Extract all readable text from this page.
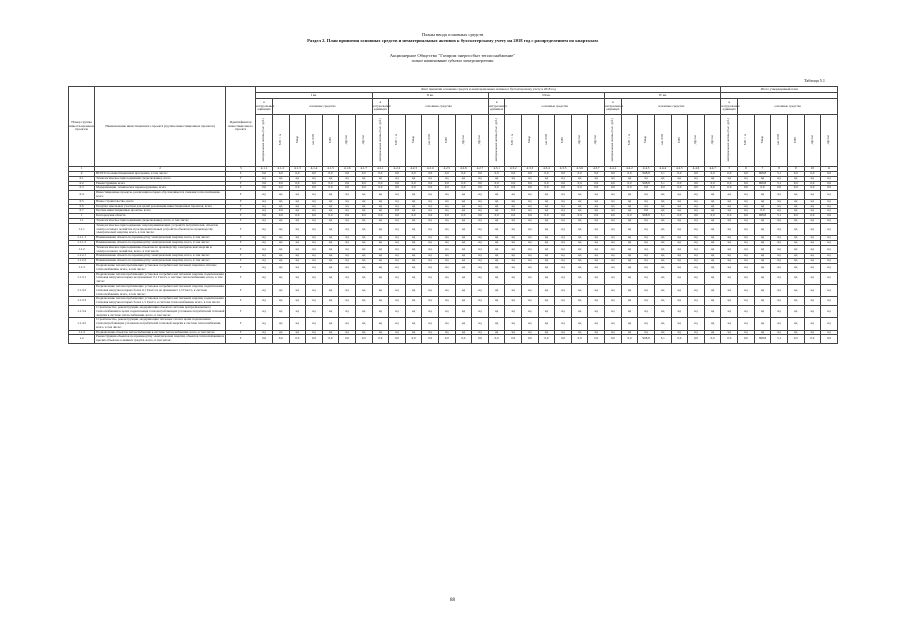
Планы ввода основных средств
Раздел 2. План принятия основных средств и нематериальных активов к бухгалтерскому учету на 2018 год с распределением по кварталам
Акционерное Общество "Газпром энергосбыт теплоснабжение"
полное наименование субъекта электроэнергетики
Таблица 5.1
Номер группы инвести-ционных проектов	Наименование инвестиционного проекта (группы инвестиционных проектов)	Идентификатор инвестиционного проекта	Факт принятия основных средств и нематериальных активов к бухгалтерскому учету в 2018 год																												Итого утвержденный план						
			I кв.							II кв.							III кв.							IV кв.													
			в натуральных единицах	основные средства						в натуральных единицах	основные средства						в натуральных единицах	основные средства						в натуральных единицах	основные средства						в натуральных единицах	основные средства					
			материальные активы (тыс. руб.)	МВ×А	Мвар	км ЛЭП	МВт	Другое	Другое	материальные активы (тыс. руб.)	МВ×А	Мвар	км ЛЭП	МВт	Другое	Другое	материальные активы (тыс. руб.)	МВ×А	Мвар	км ЛЭП	МВт	Другое	Другое	материальные активы (тыс. руб.)	МВ×А	Мвар	км ЛЭП	МВт	Другое	Другое	материальные активы (тыс. руб.)	МВ×А	Мвар	км ЛЭП	МВт	Другое	Другое
1	2	3	4.1.1	4.1.2	4.1.3	4.1.4	4.1.5	4.1.6	4.1.7	4.2.1	4.2.2	4.2.3	4.2.4	4.2.5	4.2.6	4.2.7	4.3.1	4.3.2	4.3.3	4.3.4	4.3.5	4.3.6	4.3.7	4.4.1	4.4.2	4.4.3	4.4.4	4.4.5	4.4.6	4.4.7	5	6	7	8	9	10	11
0	ВСЕГО по инвестиционной программе, в том числе:	Г	0,0	0,0	0,0	0,0	0,0	0,0	0,0	0,0	0,0	0,0	0,0	0,0	0,0	0,0	0,0	0,0	0,0	0,0	0,0	0,0	0,0	0,0	0,0	968,8	5,1	0,0	0,0	0,0	0,0	0,0	968,8	5,1	0,0	0,0	0,0
0.1	Технологическое присоединение (подключение), всего	Г	нд	нд	нд	нд	нд	нд	нд	нд	нд	нд	нд	нд	нд	нд	нд	нд	нд	нд	нд	нд	нд	нд	нд	нд	нд	нд	нд	нд	нд	нд	нд	нд	нд	нд	нд
0.2	Реконструкция, всего	Г	0,0	0,0	0,0	0,0	0,0	0,0	0,0	0,0	0,0	0,0	0,0	0,0	0,0	0,0	0,0	0,0	0,0	0,0	0,0	0,0	0,0	0,0	0,0	968,8	5,1	0,0	0,0	0,0	0,0	0,0	968,8	5,1	0,0	0,0	0,0
0.3	Модернизация, техническое перевооружение, всего	Г	0,0	0,0	0,0	0,0	0,0	0,0	0,0	0,0	0,0	0,0	0,0	0,0	0,0	0,0	0,0	0,0	0,0	0,0	0,0	0,0	0,0	0,0	0,0	0,0	0,0	0,0	0,0	0,0	0,0	0,0	0,0	0,0	0,0	0,0	0,0
0.4	Инвестиционные проекты, реализация которых обуславливается схемами теплоснабжения, всего	Г	нд	нд	нд	нд	нд	нд	нд	нд	нд	нд	нд	нд	нд	нд	нд	нд	нд	нд	нд	нд	нд	нд	нд	нд	нд	нд	нд	нд	нд	нд	нд	нд	нд	нд	нд
0.5	Новое строительство, всего	Г	нд	нд	нд	нд	нд	нд	нд	нд	нд	нд	нд	нд	нд	нд	нд	нд	нд	нд	нд	нд	нд	нд	нд	нд	нд	нд	нд	нд	нд	нд	нд	нд	нд	нд	нд
0.6	Покупка земельных участков для целей реализации инвестиционных проектов, всего	Г	нд	нд	нд	нд	нд	нд	нд	нд	нд	нд	нд	нд	нд	нд	нд	нд	нд	нд	нд	нд	нд	нд	нд	нд	нд	нд	нд	нд	нд	нд	нд	нд	нд	нд	нд
0.7	Прочие инвестиционные проекты, всего	Г	нд	0,0	нд	нд	нд	нд	нд	нд	0,0	нд	нд	нд	нд	нд	нд	0,0	нд	нд	нд	нд	нд	нд	нд	0,0	нд	нд	нд	нд	нд	нд	0,0	нд	нд	нд	нд
1	Белгородская область	Г	0,0	0,0	0,0	0,0	0,0	0,0	0,0	0,0	0,0	0,0	0,0	0,0	0,0	0,0	0,0	0,0	0,0	0,0	0,0	0,0	0,0	0,0	0,0	968,8	5,1	0,0	0,0	0,0	0,0	0,0	968,8	5,1	0,0	0,0	0,0
1.1	Технологическое присоединение (подключение), всего, в том числе:	Г	нд	нд	нд	нд	нд	нд	нд	нд	нд	нд	нд	нд	нд	нд	нд	нд	нд	нд	нд	нд	нд	нд	нд	нд	нд	нд	нд	нд	нд	нд	нд	нд	нд	нд	нд
1.1.1	Технологическое присоединение энергопринимающих устройств потребителей, объектов электросетевого хозяйства и распределительных устройств объектов по производству электрической энергии, всего, в том числе:	Г	нд	нд	нд	нд	нд	нд	нд	нд	нд	нд	нд	нд	нд	нд	нд	нд	нд	нд	нд	нд	нд	нд	нд	нд	нд	нд	нд	нд	нд	нд	нд	нд	нд	нд	нд
1.1.1.1	Наименование объекта по производству электрической энергии, всего, в том числе:	Г	нд	нд	нд	нд	нд	нд	нд	нд	нд	нд	нд	нд	нд	нд	нд	нд	нд	нд	нд	нд	нд	нд	нд	нд	нд	нд	нд	нд	нд	нд	нд	нд	нд	нд	нд
1.1.1.2	Наименование объекта по производству электрической энергии, всего, в том числе:	Г	нд	нд	нд	нд	нд	нд	нд	нд	нд	нд	нд	нд	нд	нд	нд	нд	нд	нд	нд	нд	нд	нд	нд	нд	нд	нд	нд	нд	нд	нд	нд	нд	нд	нд	нд
1.1.2	Технологическое присоединение объектов по производству электрической энергии и электросетевого хозяйства, всего, в том числе:	Г	нд	нд	нд	нд	нд	нд	нд	нд	нд	нд	нд	нд	нд	нд	нд	нд	нд	нд	нд	нд	нд	нд	нд	нд	нд	нд	нд	нд	нд	нд	нд	нд	нд	нд	нд
1.1.2.1	Наименование объекта по производству электрической энергии, всего, в том числе:	Г	нд	нд	нд	нд	нд	нд	нд	нд	нд	нд	нд	нд	нд	нд	нд	нд	нд	нд	нд	нд	нд	нд	нд	нд	нд	нд	нд	нд	нд	нд	нд	нд	нд	нд	нд
1.1.2.2	Наименование объекта по производству электрической энергии, всего, в том числе:	Г	нд	нд	нд	нд	нд	нд	нд	нд	нд	нд	нд	нд	нд	нд	нд	нд	нд	нд	нд	нд	нд	нд	нд	нд	нд	нд	нд	нд	нд	нд	нд	нд	нд	нд	нд
1.1.3	Подключение теплопотребляющих установок потребителей тепловой энергии к системе теплоснабжения, всего, в том числе:	Г	нд	нд	нд	нд	нд	нд	нд	нд	нд	нд	нд	нд	нд	нд	нд	нд	нд	нд	нд	нд	нд	нд	нд	нд	нд	нд	нд	нд	нд	нд	нд	нд	нд	нд	нд
1.1.3.1	Подключение теплопотребляющих установок потребителей тепловой энергии, подключаемая тепловая нагрузка которых не превышает 0,1 Гкал/ч, к системе теплоснабжения, всего, в том числе:	Г	нд	нд	нд	нд	нд	нд	нд	нд	нд	нд	нд	нд	нд	нд	нд	нд	нд	нд	нд	нд	нд	нд	нд	нд	нд	нд	нд	нд	нд	нд	нд	нд	нд	нд	нд
1.1.3.2	Подключение теплопотребляющих установок потребителей тепловой энергии, подключаемая тепловая нагрузка которых более 0,1 Гкал/ч и не превышает 1,5 Гкал/ч, к системе теплоснабжения, всего, в том числе:	Г	нд	нд	нд	нд	нд	нд	нд	нд	нд	нд	нд	нд	нд	нд	нд	нд	нд	нд	нд	нд	нд	нд	нд	нд	нд	нд	нд	нд	нд	нд	нд	нд	нд	нд	нд
1.1.3.3	Подключение теплопотребляющих установок потребителей тепловой энергии, подключаемая тепловая нагрузка которых более 1,5 Гкал/ч, к системе теплоснабжения, всего, в том числе:	Г	нд	нд	нд	нд	нд	нд	нд	нд	нд	нд	нд	нд	нд	нд	нд	нд	нд	нд	нд	нд	нд	нд	нд	нд	нд	нд	нд	нд	нд	нд	нд	нд	нд	нд	нд
1.1.3.4	Строительство, реконструкция, модернизация объектов системы централизованного теплоснабжения в целях подключения теплопотребляющих установок потребителей тепловой энергии к системе теплоснабжения, всего, в том числе:	Г	нд	нд	нд	нд	нд	нд	нд	нд	нд	нд	нд	нд	нд	нд	нд	нд	нд	нд	нд	нд	нд	нд	нд	нд	нд	нд	нд	нд	нд	нд	нд	нд	нд	нд	нд
1.1.4.5	Строительство, реконструкция, модернизация тепловых сетей в целях подключения теплопотребляющих установок потребителей тепловой энергии к системе теплоснабжения, всего, в том числе:	Г	нд	нд	нд	нд	нд	нд	нд	нд	нд	нд	нд	нд	нд	нд	нд	нд	нд	нд	нд	нд	нд	нд	нд	нд	нд	нд	нд	нд	нд	нд	нд	нд	нд	нд	нд
1.1.4	Подключение объектов теплоснабжения к системе теплоснабжения, всего, в том числе:	Г	нд	нд	нд	нд	нд	нд	нд	нд	нд	нд	нд	нд	нд	нд	нд	нд	нд	нд	нд	нд	нд	нд	нд	нд	нд	нд	нд	нд	нд	нд	нд	нд	нд	нд	нд
1.2	Реконструкция объектов по производству электрической энергии, объектов теплоснабжения и прочих объектов основных средств, всего, в том числе:	Г	0,0	0,0	0,0	0,0	0,0	0,0	0,0	0,0	0,0	0,0	0,0	0,0	0,0	0,0	0,0	0,0	0,0	0,0	0,0	0,0	0,0	0,0	0,0	968,8	5,1	0,0	0,0	0,0	0,0	0,0	968,8	5,1	0,0	0,0	0,0
88
